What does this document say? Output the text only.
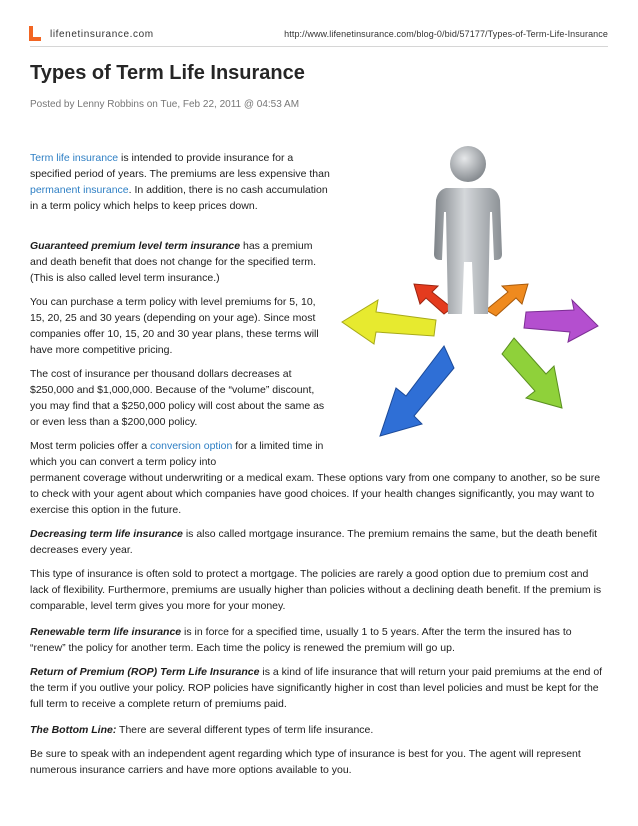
lifenetinsurance.com	http://www.lifenetinsurance.com/blog-0/bid/57177/Types-of-Term-Life-Insurance
Types of Term Life Insurance
Posted by Lenny Robbins on Tue, Feb 22, 2011 @ 04:53 AM

Term life insurance is intended to provide insurance for a specified period of years. The premiums are less expensive than permanent insurance. In addition, there is no cash accumulation in a term policy which helps to keep prices down.

Guaranteed premium level term insurance has a premium and death benefit that does not change for the specified term. (This is also called level term insurance.)

You can purchase a term policy with level premiums for 5, 10, 15, 20, 25 and 30 years (depending on your age). Since most companies offer 10, 15, 20 and 30 year plans, these terms will have more competitive pricing.

The cost of insurance per thousand dollars decreases at $250,000 and $1,000,000. Because of the “volume” discount, you may find that a $250,000 policy will cost about the same as or even less than a $200,000 policy.

Most term policies offer a conversion option for a limited time in which you can convert a term policy into

permanent coverage without underwriting or a medical exam. These options vary from one company to another, so be sure to check with your agent about which companies have good choices. If your health changes significantly, you may want to exercise this option in the future.

Decreasing term life insurance is also called mortgage insurance. The premium remains the same, but the death benefit decreases every year.

This type of insurance is often sold to protect a mortgage. The policies are rarely a good option due to premium cost and lack of flexibility. Furthermore, premiums are usually higher than policies without a declining death benefit. If the premium is comparable, level term gives you more for your money.

Renewable term life insurance is in force for a specified time, usually 1 to 5 years. After the term the insured has to “renew” the policy for another term. Each time the policy is renewed the premium will go up.

Return of Premium (ROP) Term Life Insurance is a kind of life insurance that will return your paid premiums at the end of the term if you outlive your policy. ROP policies have significantly higher in cost than level policies and must be kept for the full term to receive a complete return of premiums paid.

The Bottom Line: There are several different types of term life insurance.

Be sure to speak with an independent agent regarding which type of insurance is best for you. The agent will represent numerous insurance carriers and have more options available to you.
